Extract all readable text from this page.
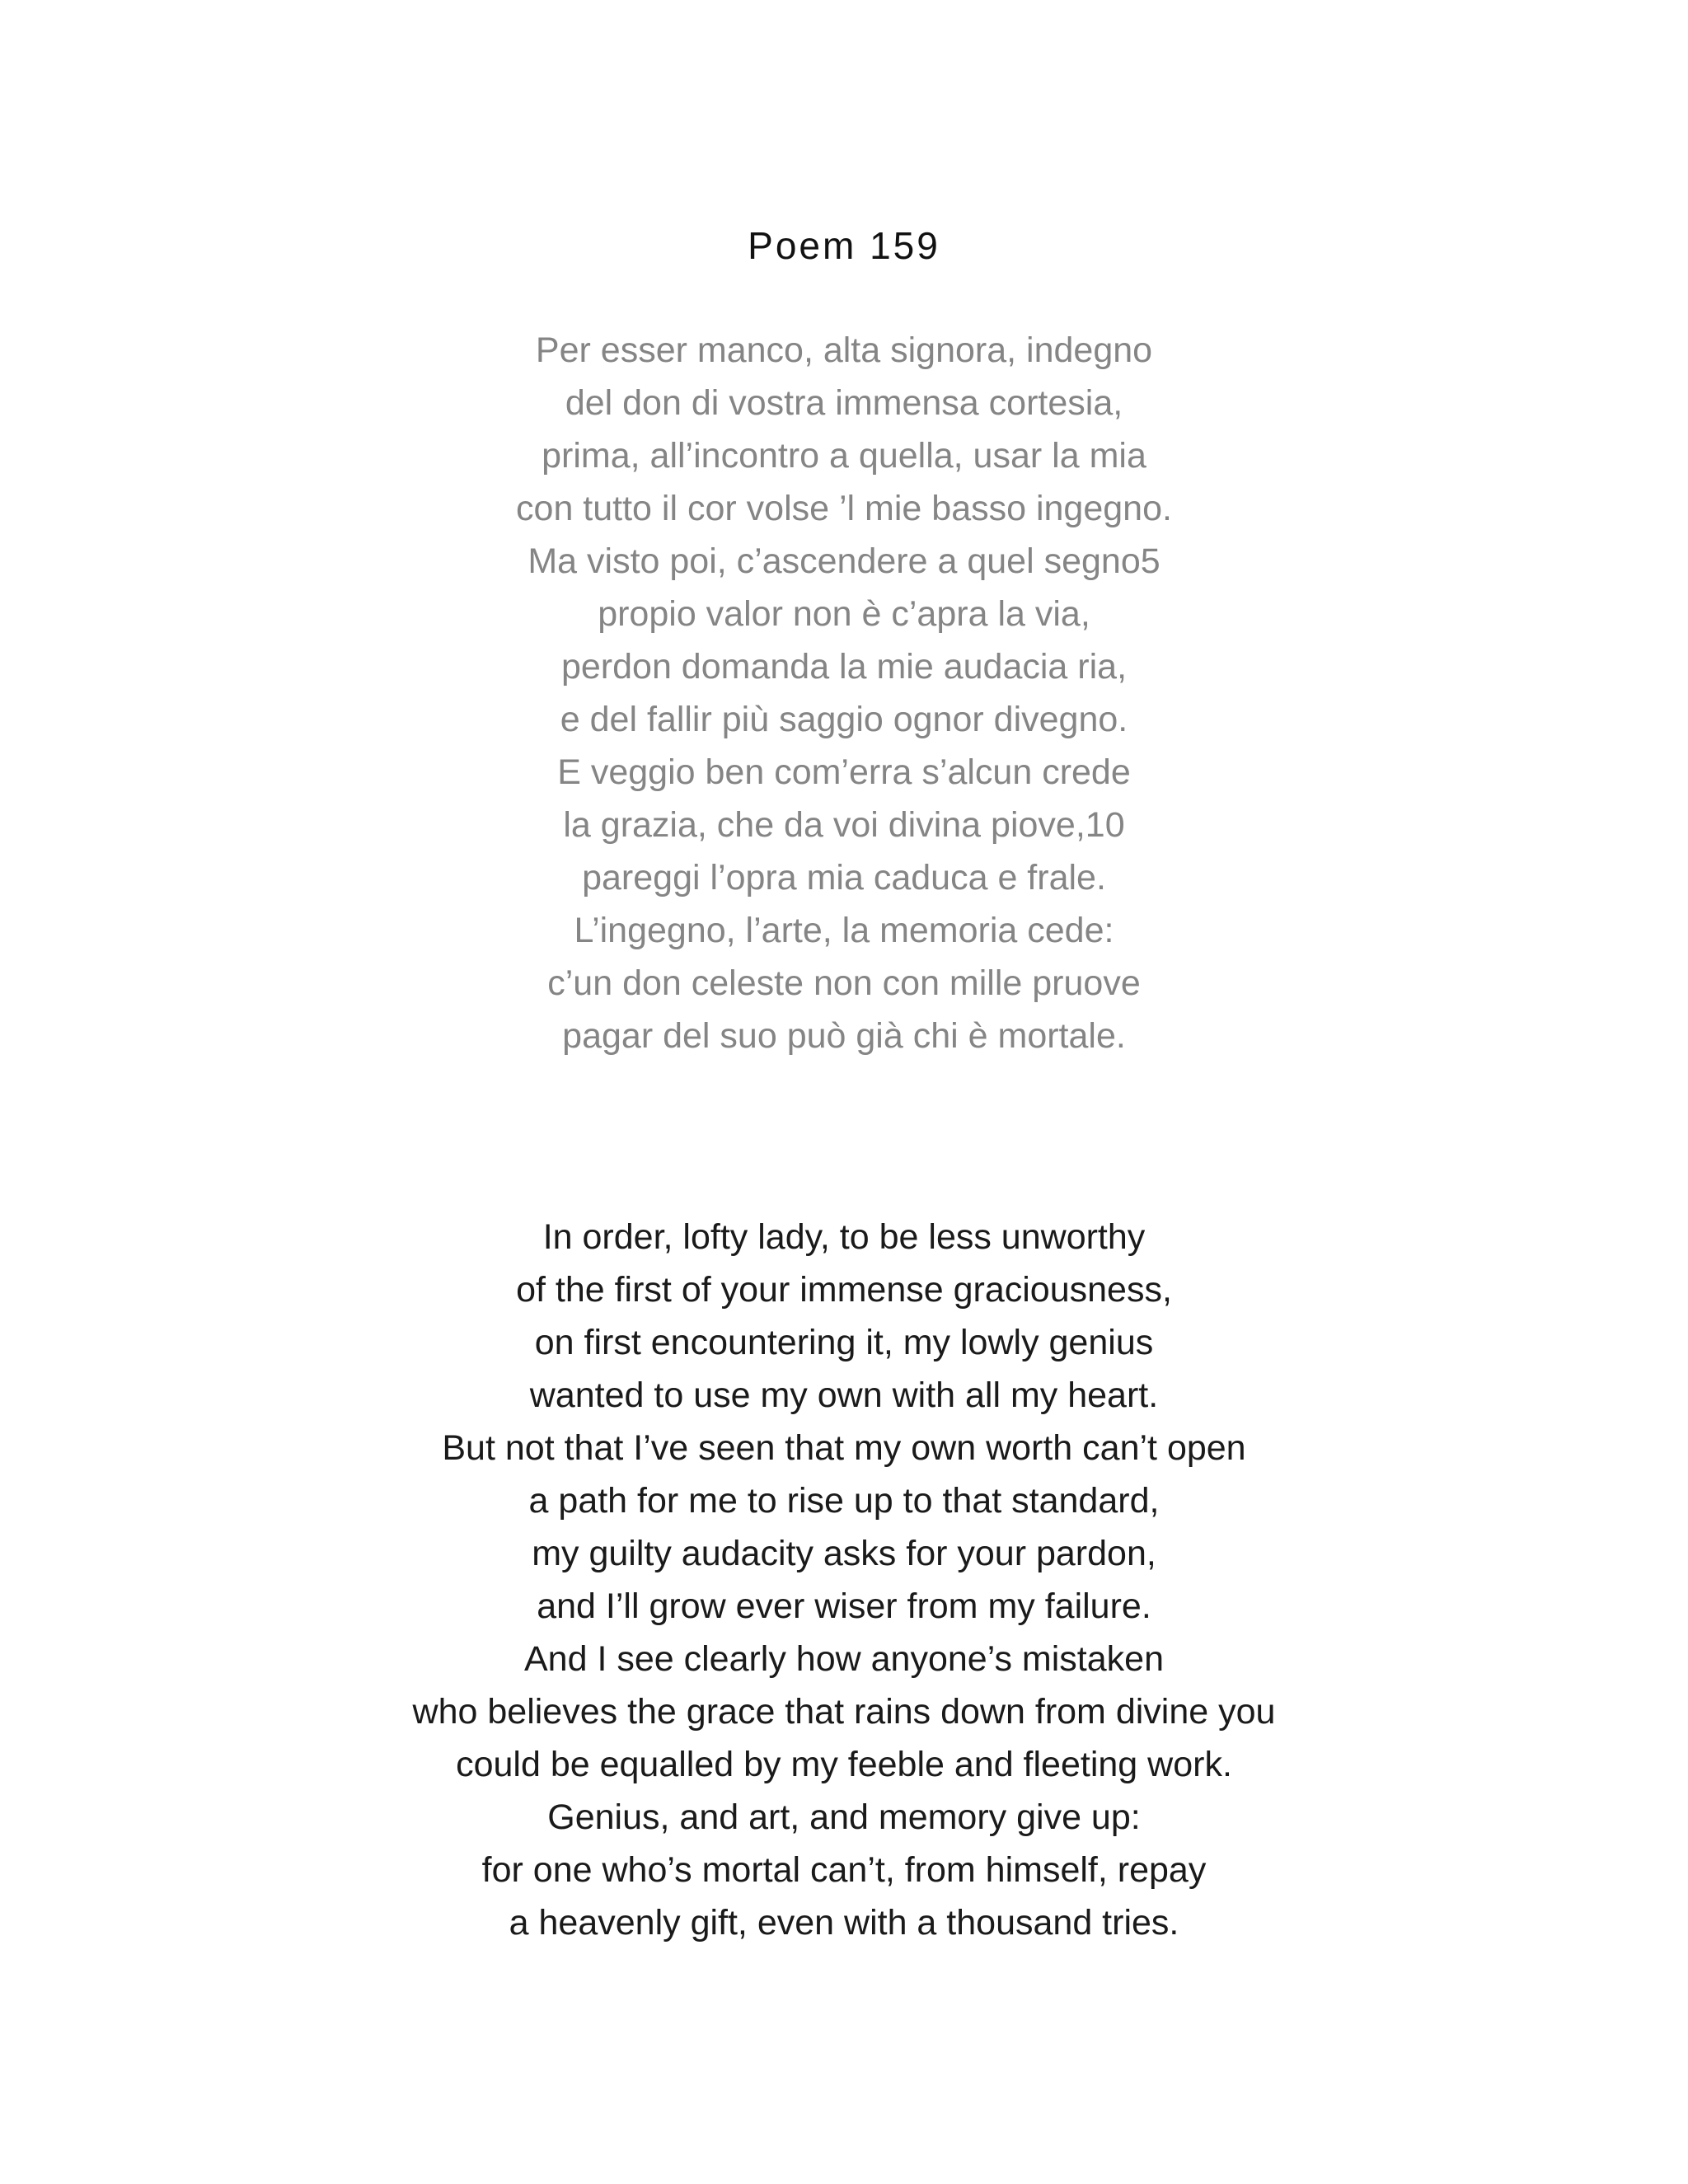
Poem 159
Per esser manco, alta signora, indegno
del don di vostra immensa cortesia,
prima, all’incontro a quella, usar la mia
con tutto il cor volse ’l mie basso ingegno.
Ma visto poi, c’ascendere a quel segno5
propio valor non è c’apra la via,
perdon domanda la mie audacia ria,
e del fallir più saggio ognor divegno.
E veggio ben com’erra s’alcun crede
la grazia, che da voi divina piove,10
pareggi l’opra mia caduca e frale.
L’ingegno, l’arte, la memoria cede:
c’un don celeste non con mille pruove
pagar del suo può già chi è mortale.
In order, lofty lady, to be less unworthy
of the first of your immense graciousness,
on first encountering it, my lowly genius
wanted to use my own with all my heart.
But not that I’ve seen that my own worth can’t open
a path for me to rise up to that standard,
my guilty audacity asks for your pardon,
and I’ll grow ever wiser from my failure.
And I see clearly how anyone’s mistaken
who believes the grace that rains down from divine you
could be equalled by my feeble and fleeting work.
Genius, and art, and memory give up:
for one who’s mortal can’t, from himself, repay
a heavenly gift, even with a thousand tries.
